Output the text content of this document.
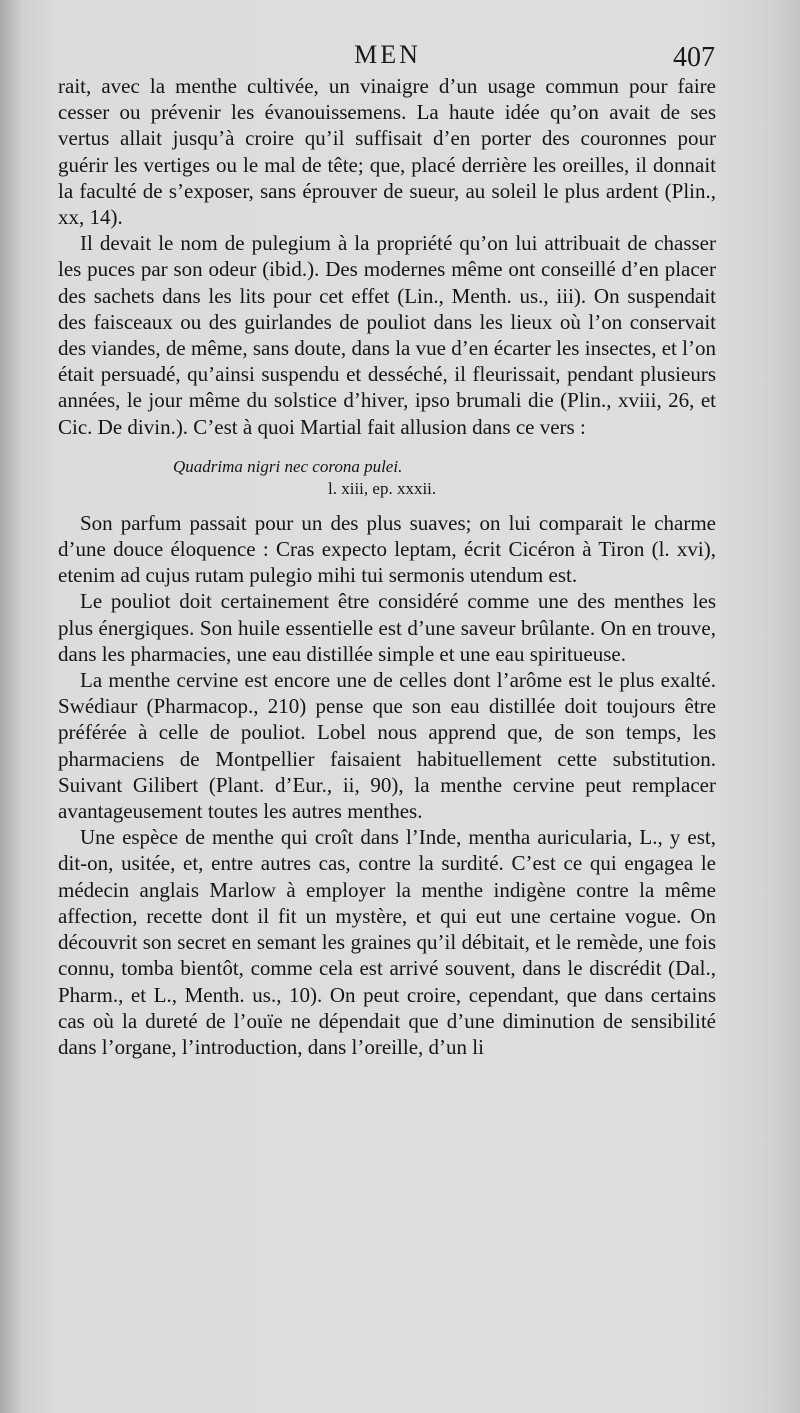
MEN	407

rait, avec la menthe cultivée, un vinaigre d’un usage commun pour faire cesser ou prévenir les évanouissemens. La haute idée qu’on avait de ses vertus allait jusqu’à croire qu’il suffisait d’en porter des couronnes pour guérir les vertiges ou le mal de tête; que, placé derrière les oreilles, il donnait la faculté de s’exposer, sans éprouver de sueur, au soleil le plus ardent (Plin., xx, 14).

Il devait le nom de pulegium à la propriété qu’on lui attribuait de chasser les puces par son odeur (ibid.). Des modernes même ont conseillé d’en placer des sachets dans les lits pour cet effet (Lin., Menth. us., iii). On suspendait des faisceaux ou des guirlandes de pouliot dans les lieux où l’on conservait des viandes, de même, sans doute, dans la vue d’en écarter les insectes, et l’on était persuadé, qu’ainsi suspendu et desséché, il fleurissait, pendant plusieurs années, le jour même du solstice d’hiver, ipso brumali die (Plin., xviii, 26, et Cic. De divin.). C’est à quoi Martial fait allusion dans ce vers :

Quadrima nigri nec corona pulei.
l. xiii, ep. xxxii.

Son parfum passait pour un des plus suaves; on lui comparait le charme d’une douce éloquence : Cras expecto leptam, écrit Cicéron à Tiron (l. xvi), etenim ad cujus rutam pulegio mihi tui sermonis utendum est.

Le pouliot doit certainement être considéré comme une des menthes les plus énergiques. Son huile essentielle est d’une saveur brûlante. On en trouve, dans les pharmacies, une eau distillée simple et une eau spiritueuse.

La menthe cervine est encore une de celles dont l’arôme est le plus exalté. Swédiaur (Pharmacop., 210) pense que son eau distillée doit toujours être préférée à celle de pouliot. Lobel nous apprend que, de son temps, les pharmaciens de Montpellier faisaient habituellement cette substitution. Suivant Gilibert (Plant. d’Eur., ii, 90), la menthe cervine peut remplacer avantageusement toutes les autres menthes.

Une espèce de menthe qui croît dans l’Inde, mentha auricularia, L., y est, dit-on, usitée, et, entre autres cas, contre la surdité. C’est ce qui engagea le médecin anglais Marlow à employer la menthe indigène contre la même affection, recette dont il fit un mystère, et qui eut une certaine vogue. On découvrit son secret en semant les graines qu’il débitait, et le remède, une fois connu, tomba bientôt, comme cela est arrivé souvent, dans le discrédit (Dal., Pharm., et L., Menth. us., 10). On peut croire, cependant, que dans certains cas où la dureté de l’ouïe ne dépendait que d’une diminution de sensibilité dans l’organe, l’introduction, dans l’oreille, d’un li
